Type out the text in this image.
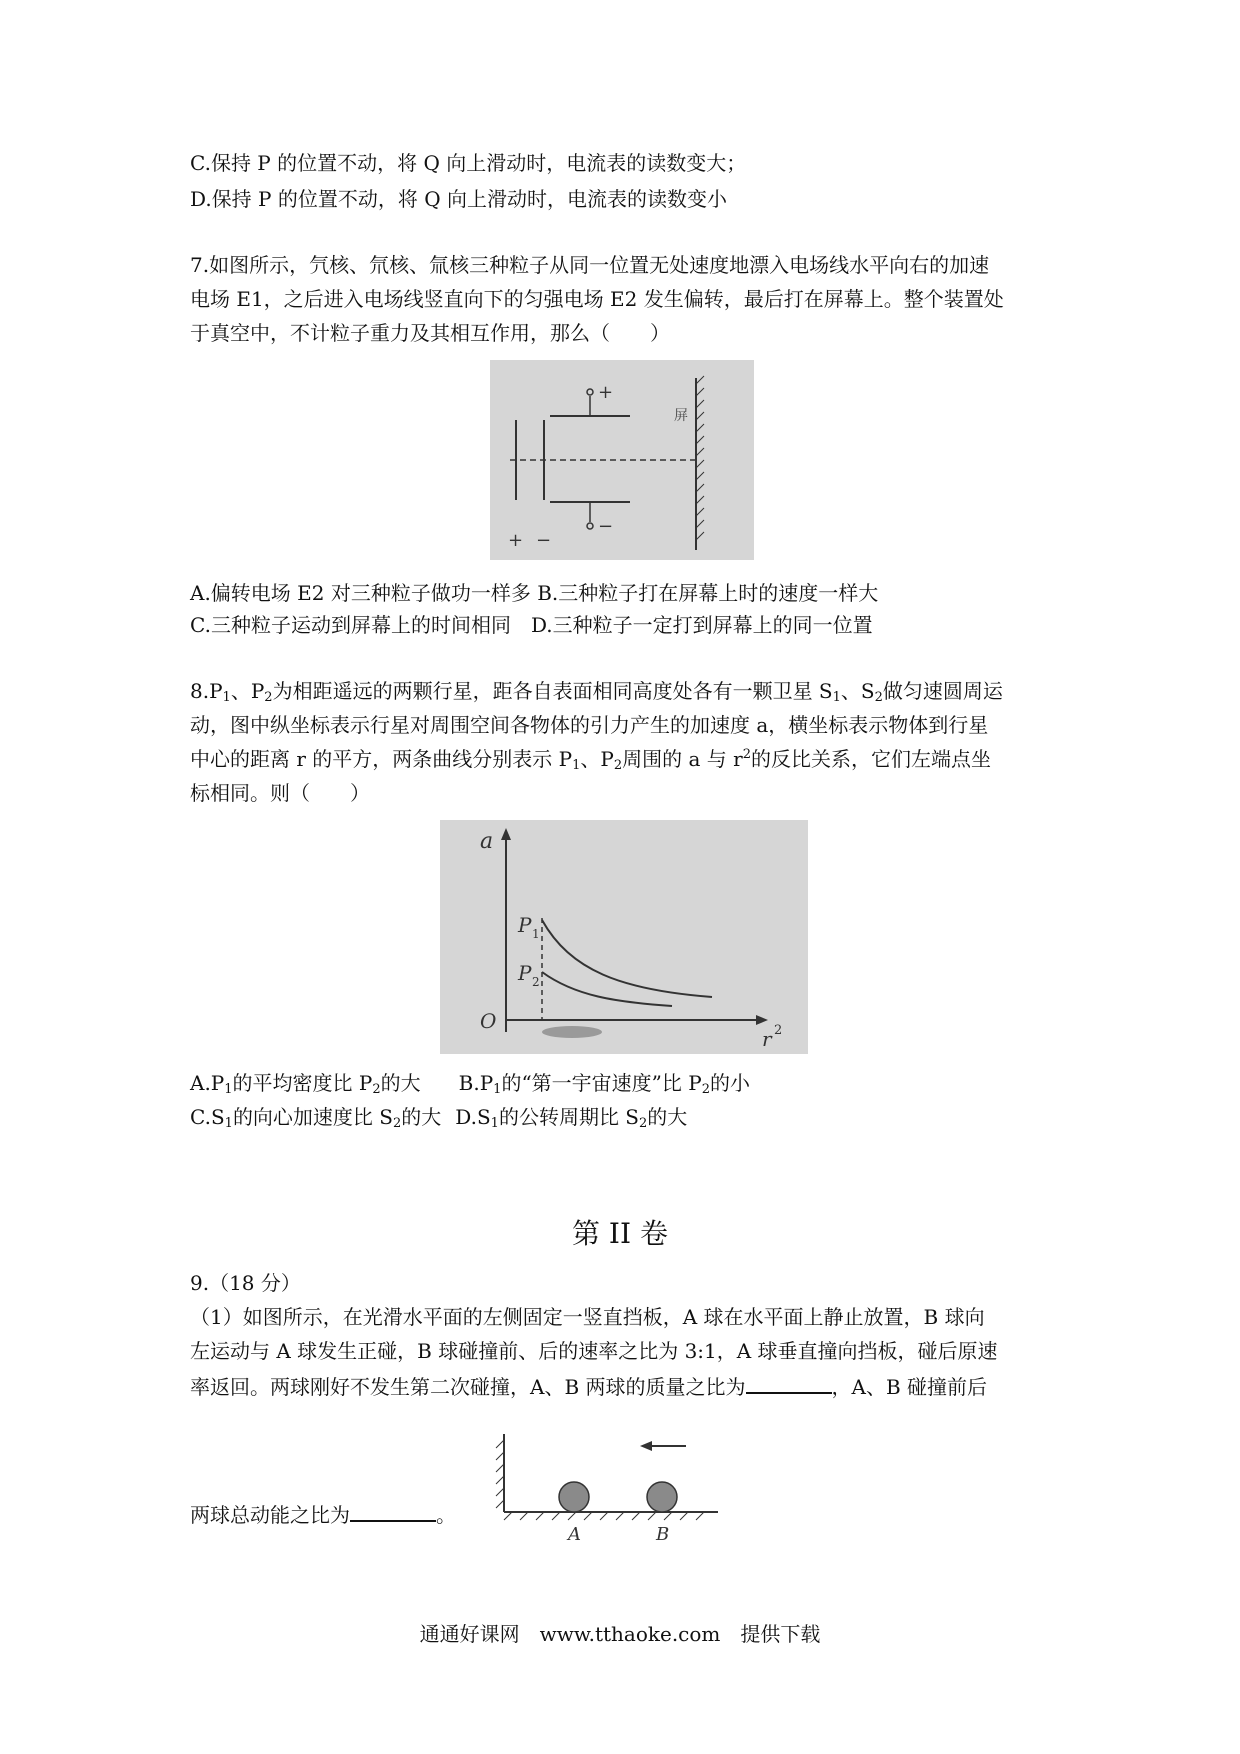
C.保持 P 的位置不动，将 Q 向上滑动时，电流表的读数变大；
D.保持 P 的位置不动，将 Q 向上滑动时，电流表的读数变小
7.如图所示，氕核、氘核、氚核三种粒子从同一位置无处速度地漂入电场线水平向右的加速
电场 E1，之后进入电场线竖直向下的匀强电场 E2 发生偏转，最后打在屏幕上。整个装置处
于真空中，不计粒子重力及其相互作用，那么（　　）
+ −
+
−
屏
A.偏转电场 E2 对三种粒子做功一样多 B.三种粒子打在屏幕上时的速度一样大
C.三种粒子运动到屏幕上的时间相同　D.三种粒子一定打到屏幕上的同一位置
$8.P_1$、$P_2$为相距遥远的两颗行星，距各自表面相同高度处各有一颗卫星 $S_1$、$S_2$做匀速圆周运
动，图中纵坐标表示行星对周围空间各物体的引力产生的加速度 a，横坐标表示物体到行星
中心的距离 r 的平方，两条曲线分别表示 $P_1$、$P_2$周围的 a 与 $r^2$的反比关系，它们左端点坐
标相同。则（　　）
a
O
r 2
P 1
P 2
$A.P_1$的平均密度比 $P_2$的大 $B.P_1$的“第一宇宙速度”比 $P_2$的小
$C.S_1$的向心加速度比 $S_2$的大 $D.S_1$的公转周期比 $S_2$的大
第 II 卷
9.（18 分）
（1）如图所示，在光滑水平面的左侧固定一竖直挡板，A 球在水平面上静止放置，B 球向
左运动与 A 球发生正碰，B 球碰撞前、后的速率之比为 3:1，A 球垂直撞向挡板，碰后原速
率返回。两球刚好不发生第二次碰撞，A、B 两球的质量之比为	，A、B 碰撞前后
A	B
两球总动能之比为	。
通通好课网　www.tthaoke.com　提供下载
